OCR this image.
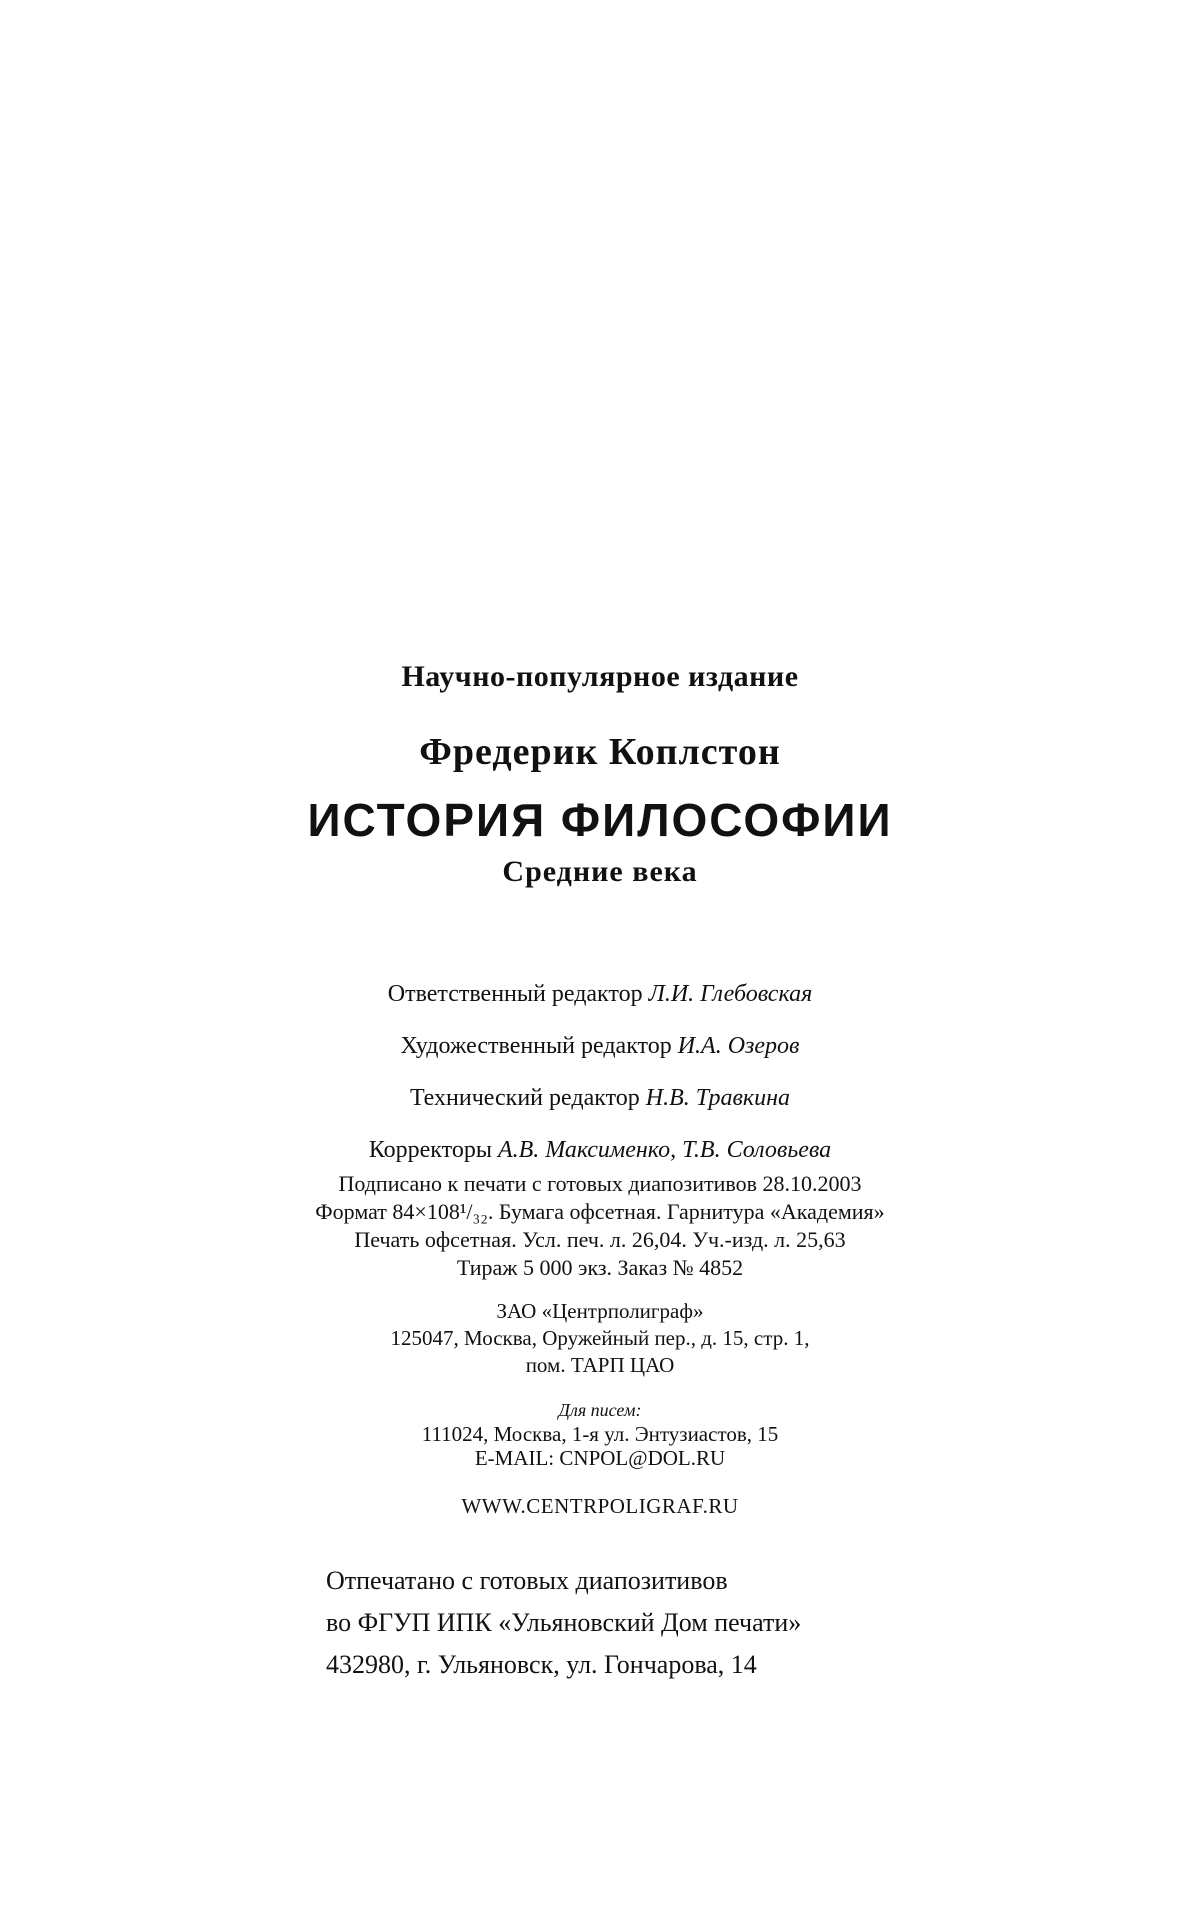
Научно-популярное издание
Фредерик Коплстон
ИСТОРИЯ ФИЛОСОФИИ
Средние века
Ответственный редактор Л.И. Глебовская
Художественный редактор И.А. Озеров
Технический редактор Н.В. Травкина
Корректоры А.В. Максименко, Т.В. Соловьева
Подписано к печати с готовых диапозитивов 28.10.2003
Формат 84×108¹/₃₂. Бумага офсетная. Гарнитура «Академия»
Печать офсетная. Усл. печ. л. 26,04. Уч.-изд. л. 25,63
Тираж 5 000 экз. Заказ № 4852
ЗАО «Центрполиграф»
125047, Москва, Оружейный пер., д. 15, стр. 1,
пом. ТАРП ЦАО
Для писем:
111024, Москва, 1-я ул. Энтузиастов, 15
E-MAIL: CNPOL@DOL.RU
WWW.CENTRPOLIGRAF.RU
Отпечатано с готовых диапозитивов
во ФГУП ИПК «Ульяновский Дом печати»
432980, г. Ульяновск, ул. Гончарова, 14
